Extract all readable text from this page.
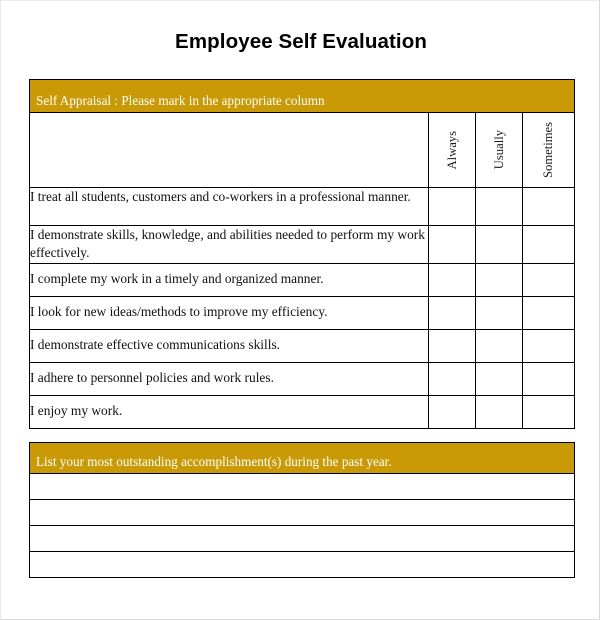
Employee Self Evaluation
Self Appraisal : Please mark in the appropriate column			

	Always	Usually	Sometimes

I treat all students, customers and co-workers in a professional manner.			
I demonstrate skills, knowledge, and abilities needed to perform my work effectively.			
I complete my work in a timely and organized manner.			
I look for new ideas/methods to improve my efficiency.			
I demonstrate effective communications skills.			
I adhere to personnel policies and work rules.			
I enjoy my work.			
List your most outstanding accomplishment(s) during the past year.
